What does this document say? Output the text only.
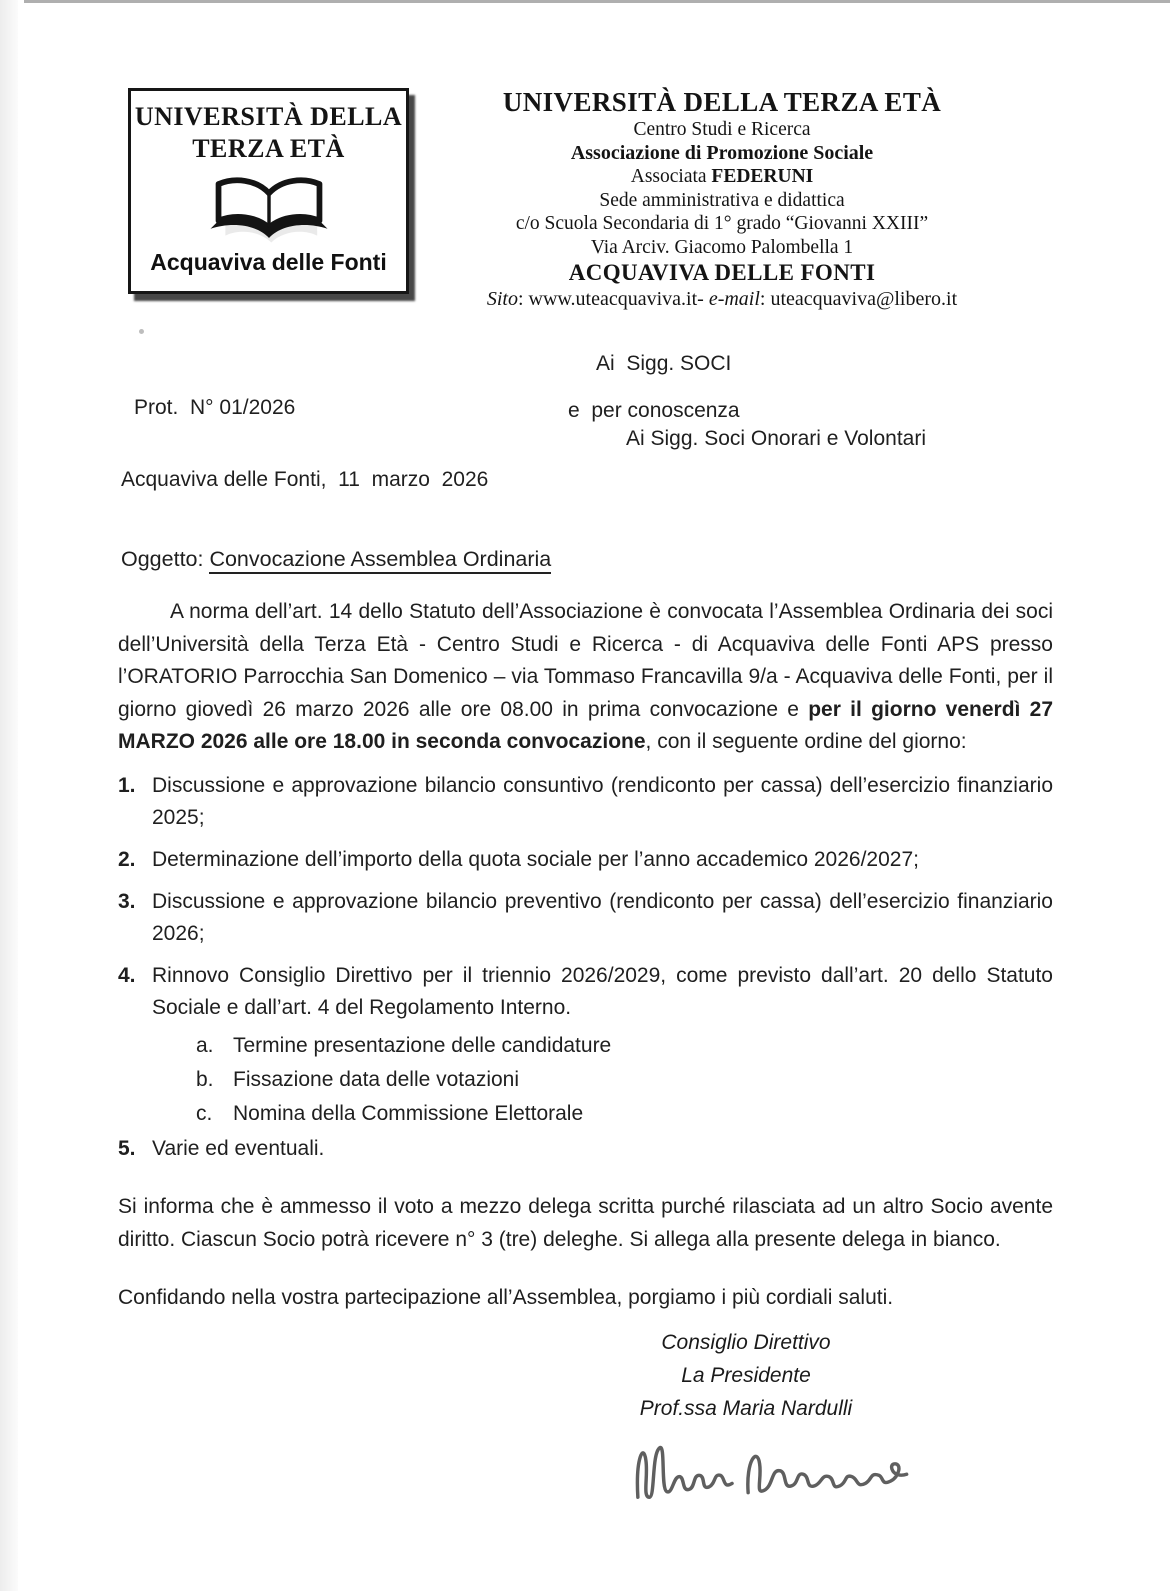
UNIVERSITÀ DELLA
TERZA ETÀ
Acquaviva delle Fonti
UNIVERSITÀ DELLA TERZA ETÀ
Centro Studi e Ricerca
Associazione di Promozione Sociale
Associata FEDERUNI
Sede amministrativa e didattica
c/o Scuola Secondaria di 1° grado “Giovanni XXIII”
Via Arciv. Giacomo Palombella 1
ACQUAVIVA DELLE FONTI
Sito: www.uteacquaviva.it- e-mail: uteacquaviva@libero.it
Ai  Sigg. SOCI
Prot.  N° 01/2026	e  per conoscenza
Ai Sigg. Soci Onorari e Volontari
Acquaviva delle Fonti,  11  marzo  2026
Oggetto: Convocazione Assemblea Ordinaria

A norma dell’art. 14 dello Statuto dell’Associazione è convocata l’Assemblea Ordinaria dei soci dell’Università della Terza Età - Centro Studi e Ricerca - di Acquaviva delle Fonti APS presso l’ORATORIO Parrocchia San Domenico – via Tommaso Francavilla 9/a - Acquaviva delle Fonti, per il giorno giovedì 26 marzo 2026 alle ore 08.00 in prima convocazione e per il giorno venerdì 27 MARZO 2026 alle ore 18.00 in seconda convocazione, con il seguente ordine del giorno:

1. Discussione e approvazione bilancio consuntivo (rendiconto per cassa) dell’esercizio finanziario 2025;
2. Determinazione dell’importo della quota sociale per l’anno accademico 2026/2027;
3. Discussione e approvazione bilancio preventivo (rendiconto per cassa) dell’esercizio finanziario 2026;
4. Rinnovo Consiglio Direttivo per il triennio 2026/2029, come previsto dall’art. 20 dello Statuto Sociale e dall’art. 4 del Regolamento Interno.
a. Termine presentazione delle candidature
b. Fissazione data delle votazioni
c. Nomina della Commissione Elettorale
5. Varie ed eventuali.

Si informa che è ammesso il voto a mezzo delega scritta purché rilasciata ad un altro Socio avente diritto. Ciascun Socio potrà ricevere n° 3 (tre) deleghe. Si allega alla presente delega in bianco.

Confidando nella vostra partecipazione all’Assemblea, porgiamo i più cordiali saluti.

Consiglio Direttivo
La Presidente
Prof.ssa Maria Nardulli
